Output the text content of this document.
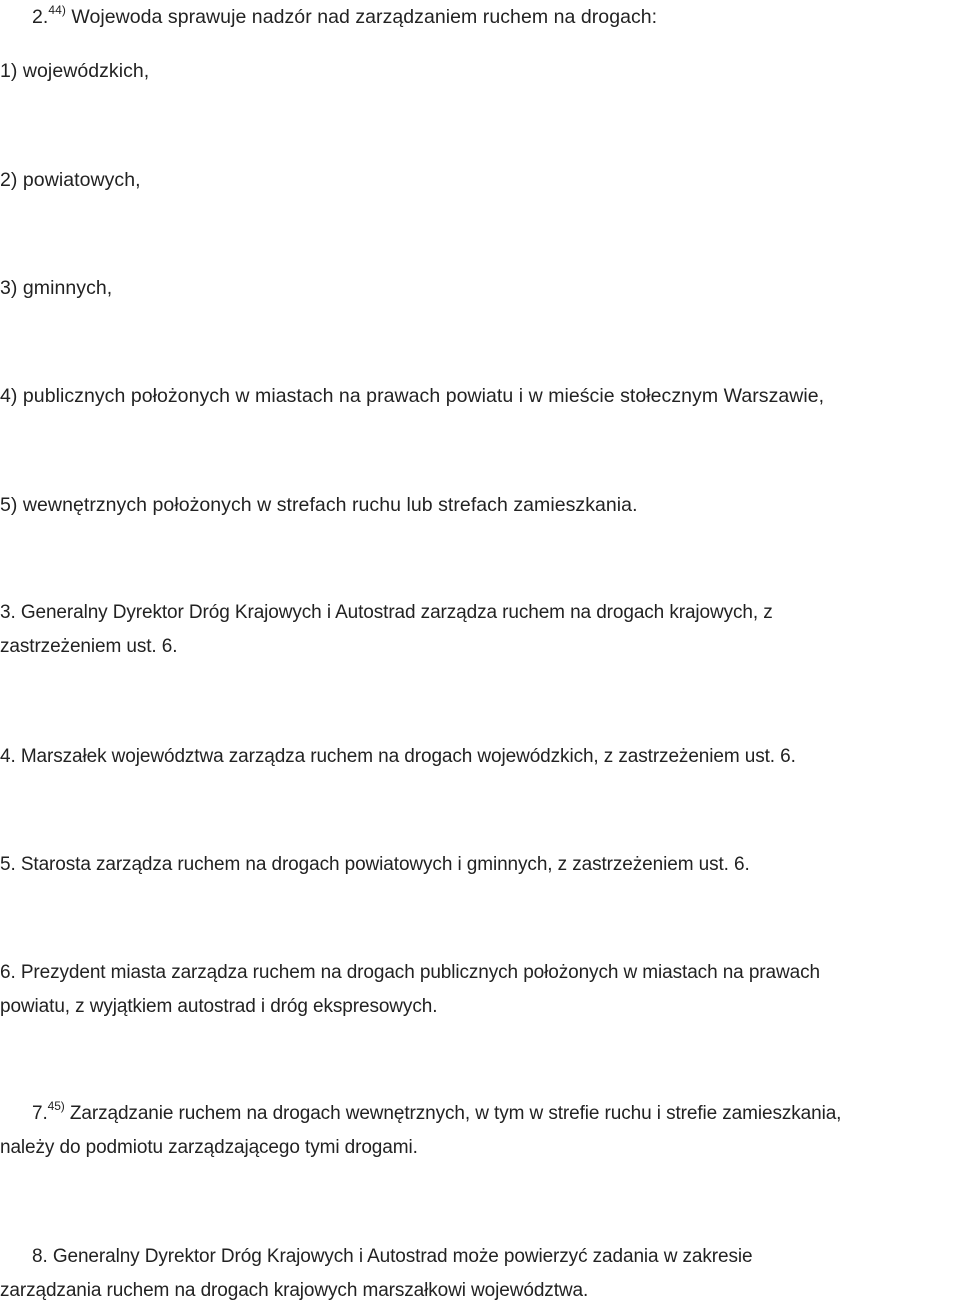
2.$^{44)}$ Wojewoda sprawuje nadzór nad zarządzaniem ruchem na drogach:

1) wojewódzkich,

2) powiatowych,

3) gminnych,

4) publicznych położonych w miastach na prawach powiatu i w mieście stołecznym Warszawie,

5) wewnętrznych położonych w strefach ruchu lub strefach zamieszkania.

3. Generalny Dyrektor Dróg Krajowych i Autostrad zarządza ruchem na drogach krajowych, z
zastrzeżeniem ust. 6.

4. Marszałek województwa zarządza ruchem na drogach wojewódzkich, z zastrzeżeniem ust. 6.

5. Starosta zarządza ruchem na drogach powiatowych i gminnych, z zastrzeżeniem ust. 6.

6. Prezydent miasta zarządza ruchem na drogach publicznych położonych w miastach na prawach
powiatu, z wyjątkiem autostrad i dróg ekspresowych.

7.$^{45)}$ Zarządzanie ruchem na drogach wewnętrznych, w tym w strefie ruchu i strefie zamieszkania,
należy do podmiotu zarządzającego tymi drogami.

8. Generalny Dyrektor Dróg Krajowych i Autostrad może powierzyć zadania w zakresie
zarządzania ruchem na drogach krajowych marszałkowi województwa.
